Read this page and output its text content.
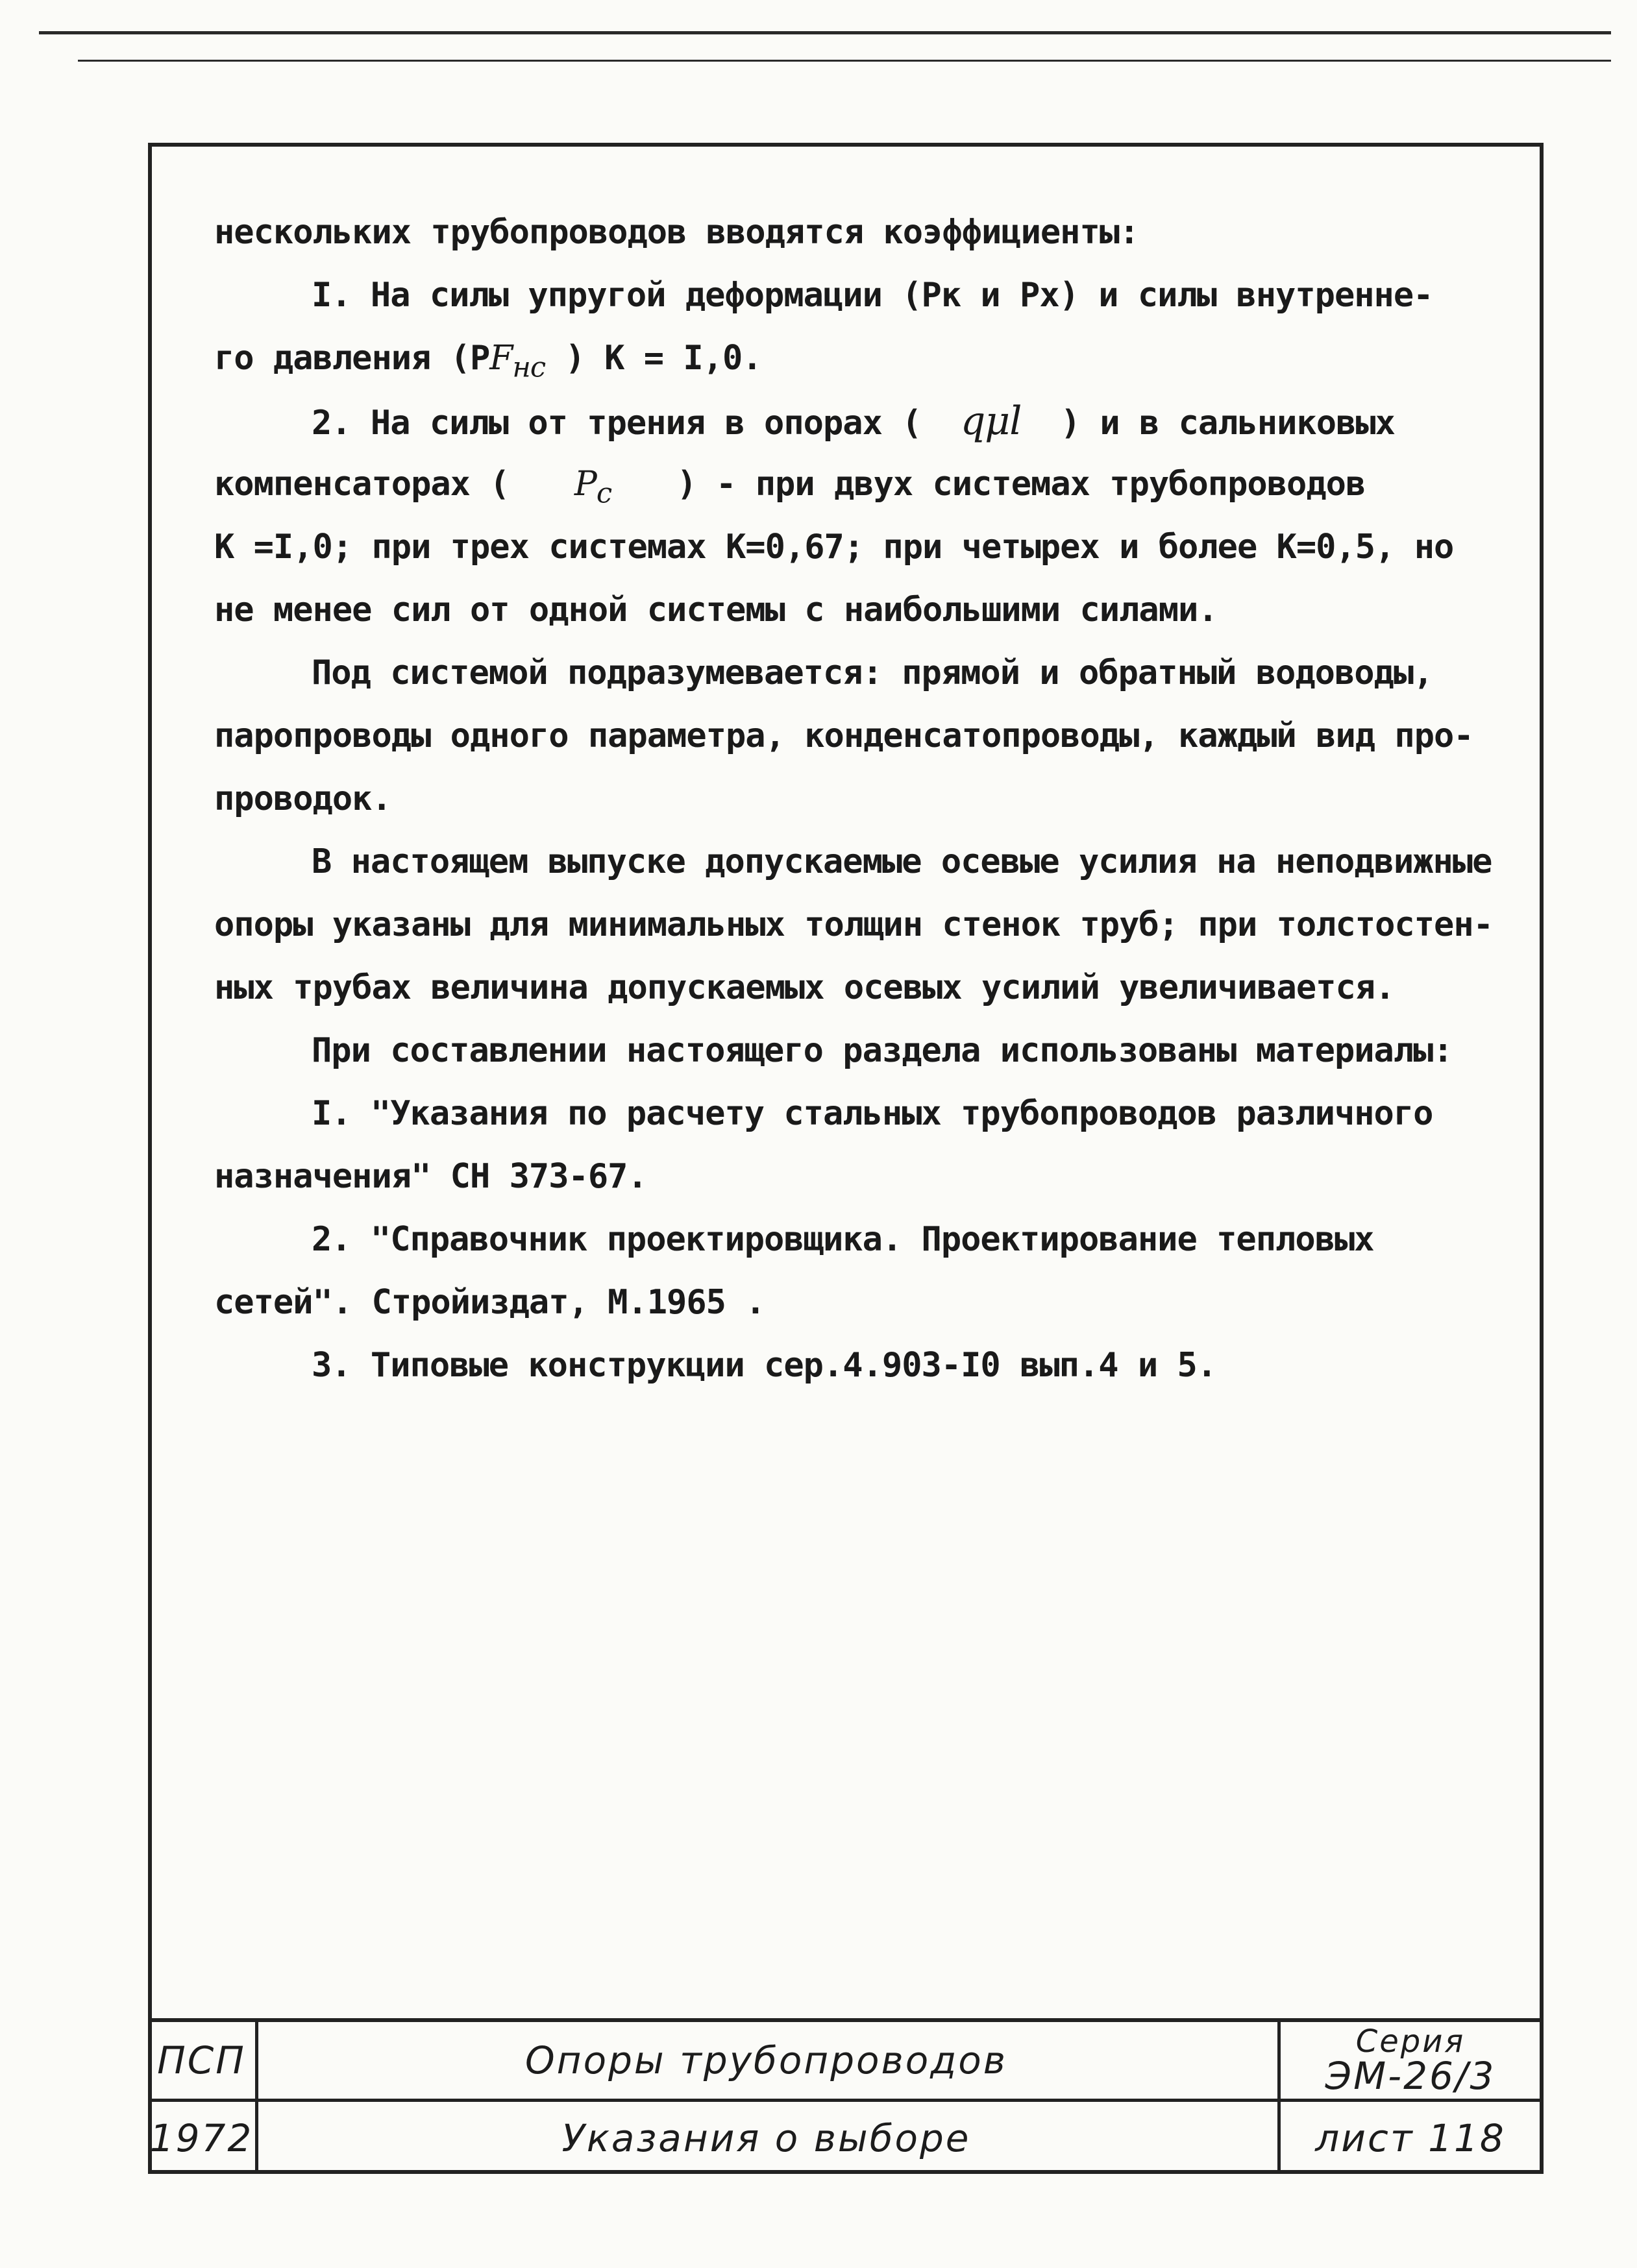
нескольких трубопроводов вводятся коэффициенты:
I. На силы упругой деформации (Рк и Рх) и силы внутренне-
го давления ($РF_{нс}$ ) К = I,0.
2. На силы от трения в опорах ( qμl ) и в сальниковых
компенсаторах ( $P_c$ ) - при двух системах трубопроводов
К =I,0; при трех системах К=0,67; при четырех и более К=0,5, но
не менее сил от одной системы с наибольшими силами.
Под системой подразумевается: прямой и обратный водоводы,
паропроводы одного параметра, конденсатопроводы, каждый вид про-
проводок.
В настоящем выпуске допускаемые осевые усилия на неподвижные
опоры указаны для минимальных толщин стенок труб; при толстостен-
ных трубах величина допускаемых осевых усилий увеличивается.
При составлении настоящего раздела использованы материалы:
I. "Указания по расчету стальных трубопроводов различного
назначения" СН 373-67.
2. "Справочник проектировщика. Проектирование тепловых
сетей". Стройиздат, М.1965 .
3. Типовые конструкции сер.4.903-I0 вып.4 и 5.
ПСП
1972
Опоры трубопроводов
Указания о выборе
Серия
ЭМ-26/3
лист 118
